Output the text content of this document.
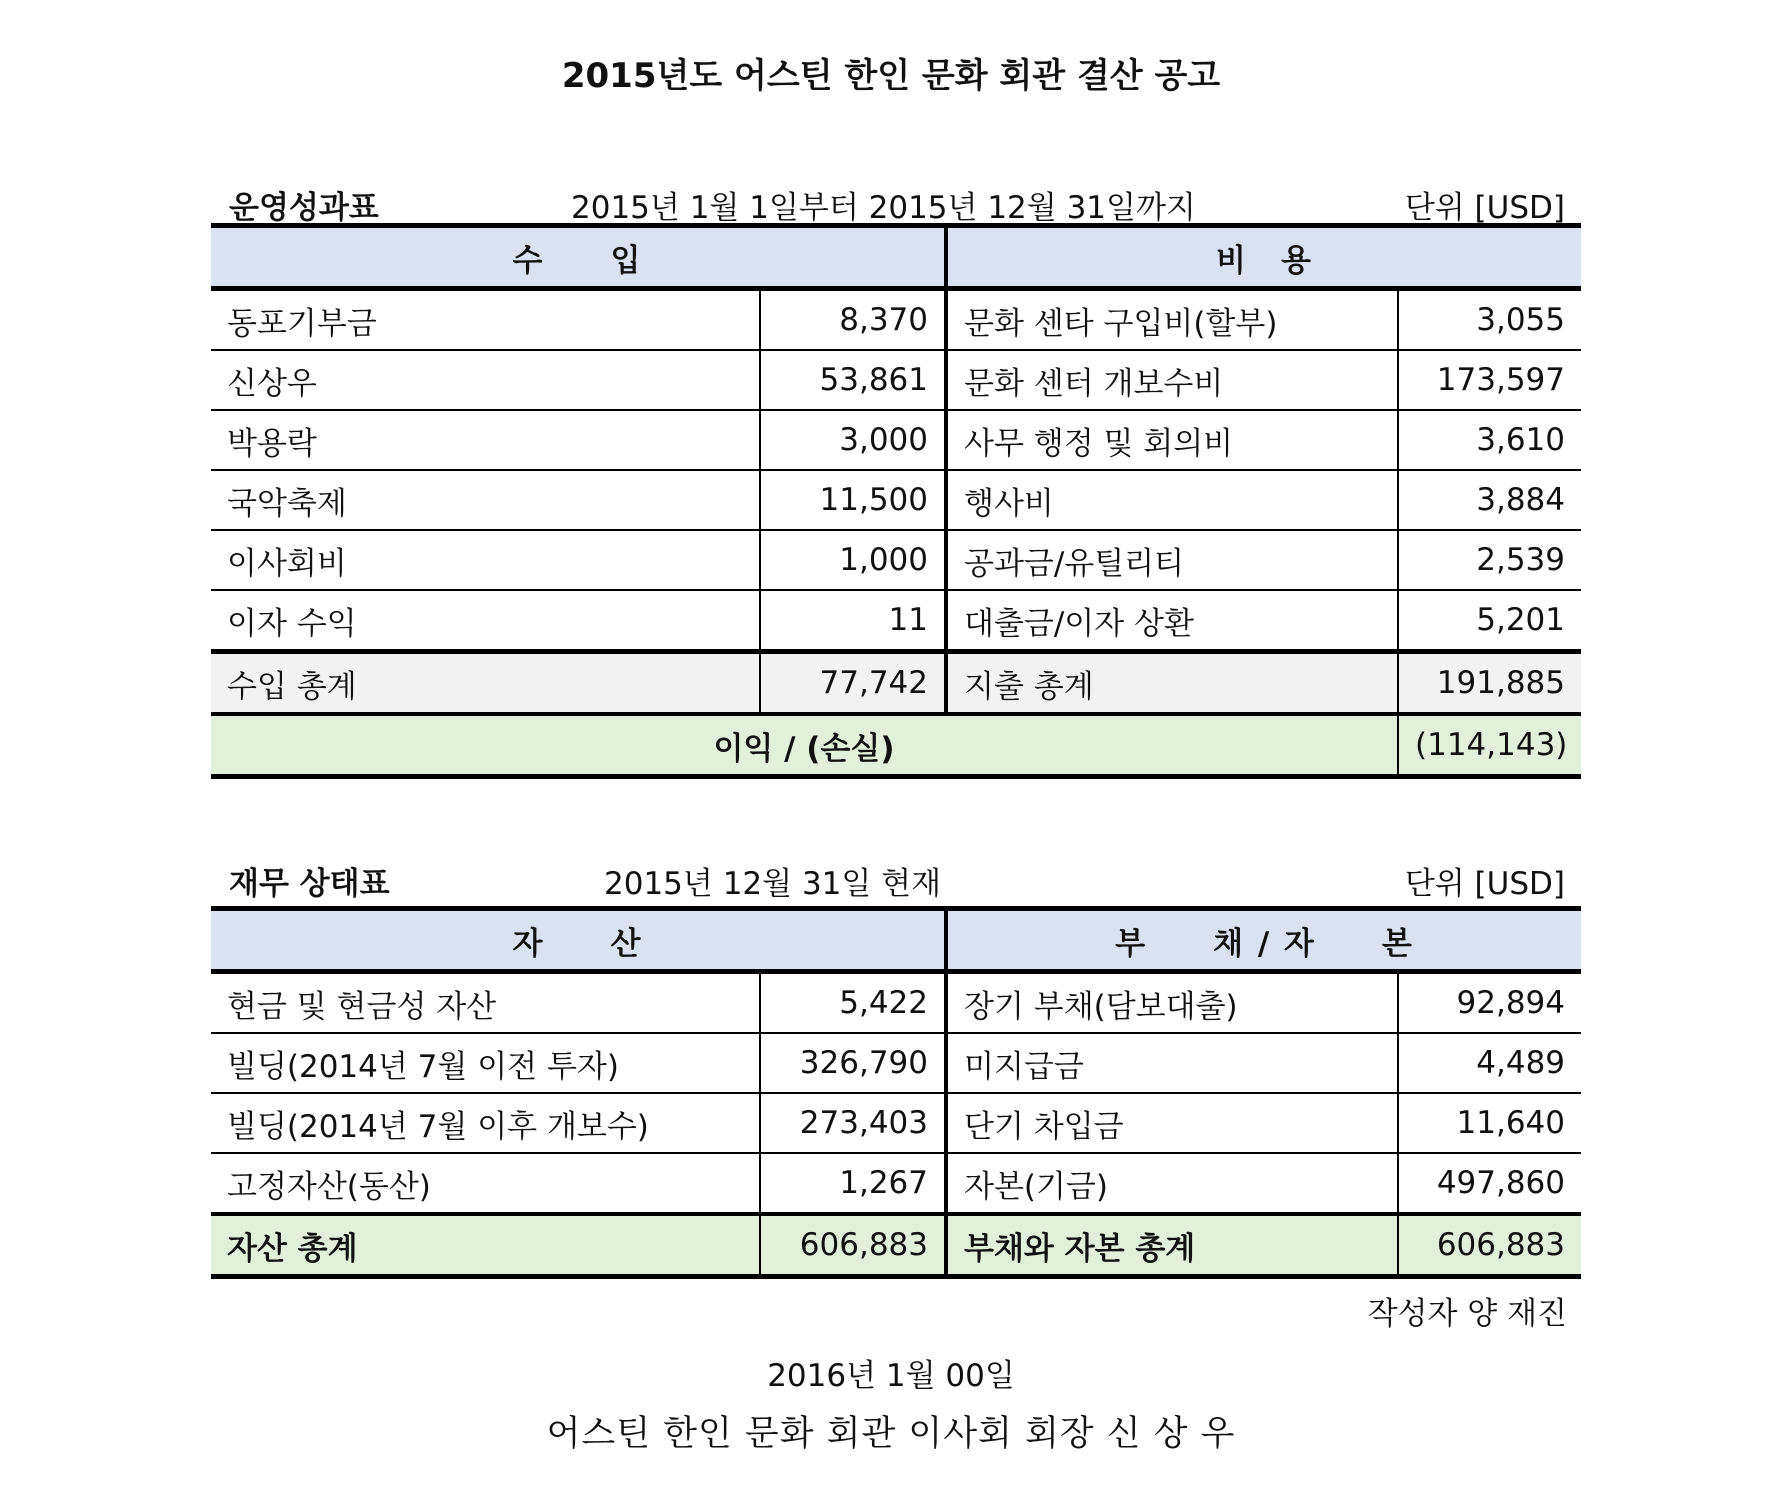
2015년도 어스틴 한인 문화 회관 결산 공고
운영성과표	2015년 1월 1일부터 2015년 12월 31일까지	단위 [USD]
수　　입		비　용	
동포기부금	8,370	문화 센타 구입비(할부)	3,055
신상우	53,861	문화 센터 개보수비	173,597
박용락	3,000	사무 행정 및 회의비	3,610
국악축제	11,500	행사비	3,884
이사회비	1,000	공과금/유틸리티	2,539
이자 수익	11	대출금/이자 상환	5,201
수입 총계	77,742	지출 총계	191,885
이익 / (손실)			(114,143)
재무 상태표	2015년 12월 31일 현재	단위 [USD]
자　　산		부　　채 / 자　　본	
현금 및 현금성 자산	5,422	장기 부채(담보대출)	92,894
빌딩(2014년 7월 이전 투자)	326,790	미지급금	4,489
빌딩(2014년 7월 이후 개보수)	273,403	단기 차입금	11,640
고정자산(동산)	1,267	자본(기금)	497,860
자산 총계	606,883	부채와 자본 총계	606,883
작성자 양 재진
2016년 1월 00일
어스틴 한인 문화 회관 이사회 회장 신 상 우
